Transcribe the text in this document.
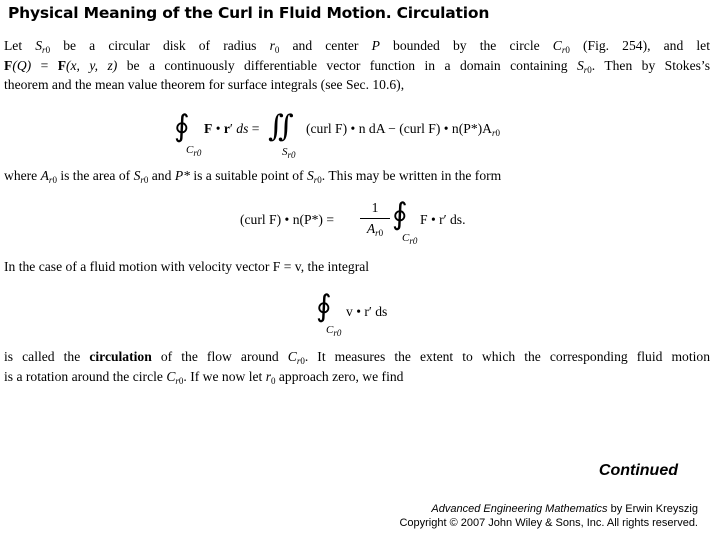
Physical Meaning of the Curl in Fluid Motion. Circulation
Let $S_{r0}$ be a circular disk of radius $r_0$ and center P bounded by the circle $C_{r0}$ (Fig. 254), and let
F(Q) = F(x, y, z) be a continuously differentiable vector function in a domain containing $S_{r0}$. Then by Stokes’s
theorem and the mean value theorem for surface integrals (see Sec. 10.6),
∮
$C_{r0}$
F • r′ ds = ∬
$S_{r0}$
(curl F) • n dA − (curl F) • $n(P*)A_{r0}$
where $A_{r0}$ is the area of $S_{r0}$ and P* is a suitable point of $S_{r0}$. This may be written in the form
(curl F) • n(P*) =
1
$A_{r0}$
∮
$C_{r0}$
F • r′ ds.
In the case of a fluid motion with velocity vector F = v, the integral
∮
$C_{r0}$
v • r′ ds
is called the circulation of the flow around $C_{r0}$. It measures the extent to which the corresponding fluid motion
is a rotation around the circle $C_{r0}$. If we now let $r_0$ approach zero, we find
Continued
Advanced Engineering Mathematics by Erwin Kreyszig
Copyright © 2007 John Wiley & Sons, Inc. All rights reserved.
